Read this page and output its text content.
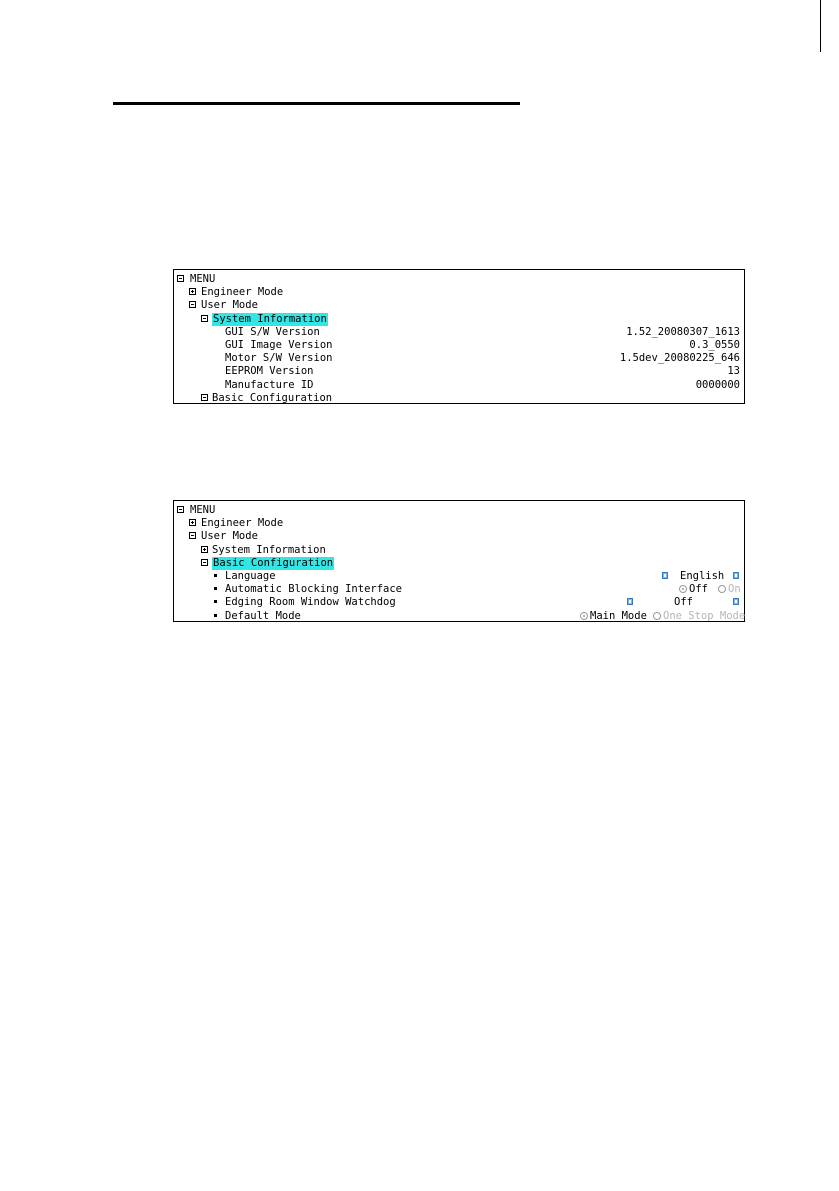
MENU
Engineer Mode
User Mode
System Information
GUI S/W Version	1.52_20080307_1613
GUI Image Version	0.3_0550
Motor S/W Version	1.5dev_20080225_646
EEPROM Version	13
Manufacture ID	0000000
Basic Configuration
MENU
Engineer Mode
User Mode
System Information
Basic Configuration
Language	English
Automatic Blocking Interface	Off On
Edging Room Window Watchdog	Off
Default Mode	Main Mode One Stop Mode
